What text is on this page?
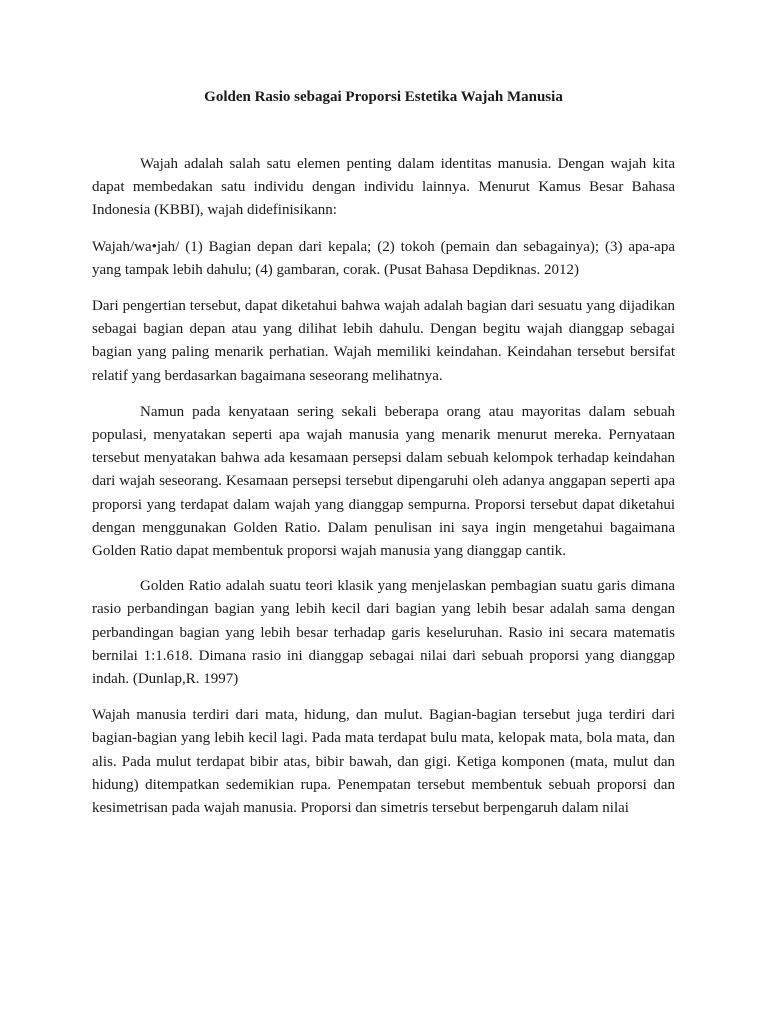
Golden Rasio sebagai Proporsi Estetika Wajah Manusia

Wajah adalah salah satu elemen penting dalam identitas manusia. Dengan wajah kita dapat membedakan satu individu dengan individu lainnya. Menurut Kamus Besar Bahasa Indonesia (KBBI), wajah didefinisikann:

Wajah/wa•jah/ (1) Bagian depan dari kepala; (2) tokoh (pemain dan sebagainya); (3) apa-apa yang tampak lebih dahulu; (4) gambaran, corak. (Pusat Bahasa Depdiknas. 2012)

Dari pengertian tersebut, dapat diketahui bahwa wajah adalah bagian dari sesuatu yang dijadikan sebagai bagian depan atau yang dilihat lebih dahulu. Dengan begitu wajah dianggap sebagai bagian yang paling menarik perhatian. Wajah memiliki keindahan. Keindahan tersebut bersifat relatif yang berdasarkan bagaimana seseorang melihatnya.

Namun pada kenyataan sering sekali beberapa orang atau mayoritas dalam sebuah populasi, menyatakan seperti apa wajah manusia yang menarik menurut mereka. Pernyataan tersebut menyatakan bahwa ada kesamaan persepsi dalam sebuah kelompok terhadap keindahan dari wajah seseorang. Kesamaan persepsi tersebut dipengaruhi oleh adanya anggapan seperti apa proporsi yang terdapat dalam wajah yang dianggap sempurna. Proporsi tersebut dapat diketahui dengan menggunakan Golden Ratio. Dalam penulisan ini saya ingin mengetahui bagaimana Golden Ratio dapat membentuk proporsi wajah manusia yang dianggap cantik.

Golden Ratio adalah suatu teori klasik yang menjelaskan pembagian suatu garis dimana rasio perbandingan bagian yang lebih kecil dari bagian yang lebih besar adalah sama dengan perbandingan bagian yang lebih besar terhadap garis keseluruhan. Rasio ini secara matematis bernilai 1:1.618. Dimana rasio ini dianggap sebagai nilai dari sebuah proporsi yang dianggap indah. (Dunlap,R. 1997)

Wajah manusia terdiri dari mata, hidung, dan mulut. Bagian-bagian tersebut juga terdiri dari bagian-bagian yang lebih kecil lagi. Pada mata terdapat bulu mata, kelopak mata, bola mata, dan alis. Pada mulut terdapat bibir atas, bibir bawah, dan gigi. Ketiga komponen (mata, mulut dan hidung) ditempatkan sedemikian rupa. Penempatan tersebut membentuk sebuah proporsi dan kesimetrisan pada wajah manusia. Proporsi dan simetris tersebut berpengaruh dalam nilai
